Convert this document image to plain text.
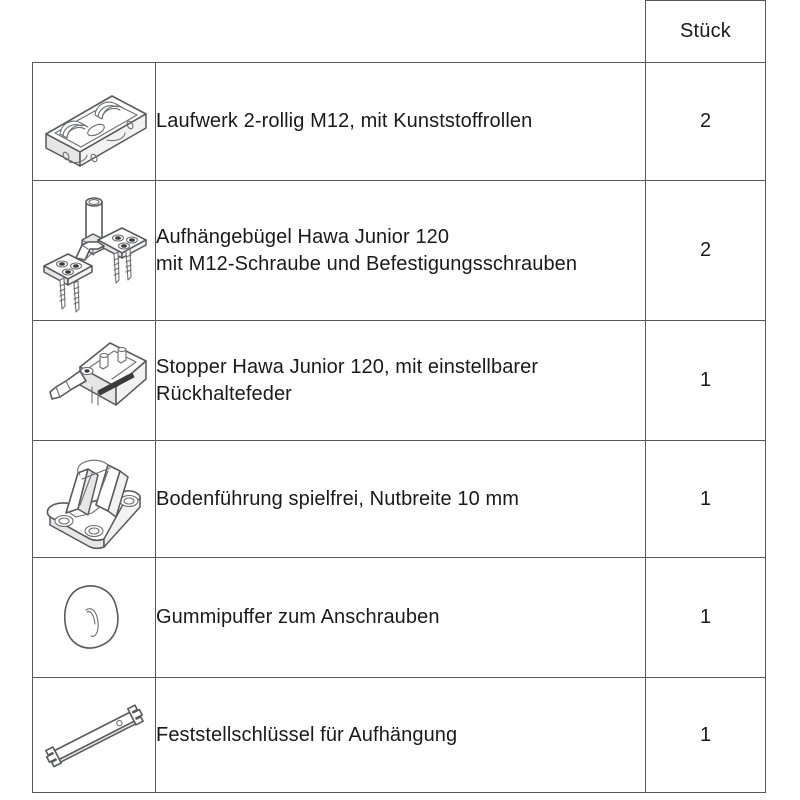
		Stück

Laufwerk 2-rollig M12, mit Kunststoffrollen	2

Aufhängebügel Hawa Junior 120
mit M12-Schraube und Befestigungsschrauben	2

Stopper Hawa Junior 120, mit einstellbarer
Rückhaltefeder	1

Bodenführung spielfrei, Nutbreite 10 mm	1

Gummipuffer zum Anschrauben	1

Feststellschlüssel für Aufhängung	1
